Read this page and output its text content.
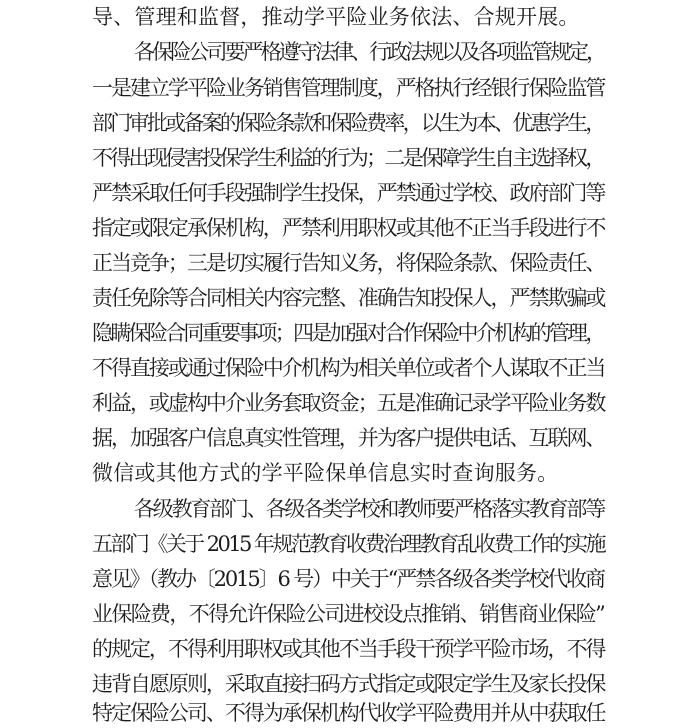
导、管理和监督，推动学平险业务依法、合规开展。
各保险公司要严格遵守法律、行政法规以及各项监管规定，
一是建立学平险业务销售管理制度，严格执行经银行保险监管
部门审批或备案的保险条款和保险费率，以生为本、优惠学生，
不得出现侵害投保学生利益的行为；二是保障学生自主选择权，
严禁采取任何手段强制学生投保，严禁通过学校、政府部门等
指定或限定承保机构，严禁利用职权或其他不正当手段进行不
正当竞争；三是切实履行告知义务，将保险条款、保险责任、
责任免除等合同相关内容完整、准确告知投保人，严禁欺骗或
隐瞒保险合同重要事项；四是加强对合作保险中介机构的管理，
不得直接或通过保险中介机构为相关单位或者个人谋取不正当
利益，或虚构中介业务套取资金；五是准确记录学平险业务数
据，加强客户信息真实性管理，并为客户提供电话、互联网、
微信或其他方式的学平险保单信息实时查询服务。
各级教育部门、各级各类学校和教师要严格落实教育部等
五部门《关于 2015 年规范教育收费治理教育乱收费工作的实施
意见》（教办〔2015〕6 号）中关于“严禁各级各类学校代收商
业保险费，不得允许保险公司进校设点推销、销售商业保险”
的规定，不得利用职权或其他不当手段干预学平险市场，不得
违背自愿原则，采取直接扫码方式指定或限定学生及家长投保
特定保险公司、不得为承保机构代收学平险费用并从中获取任
